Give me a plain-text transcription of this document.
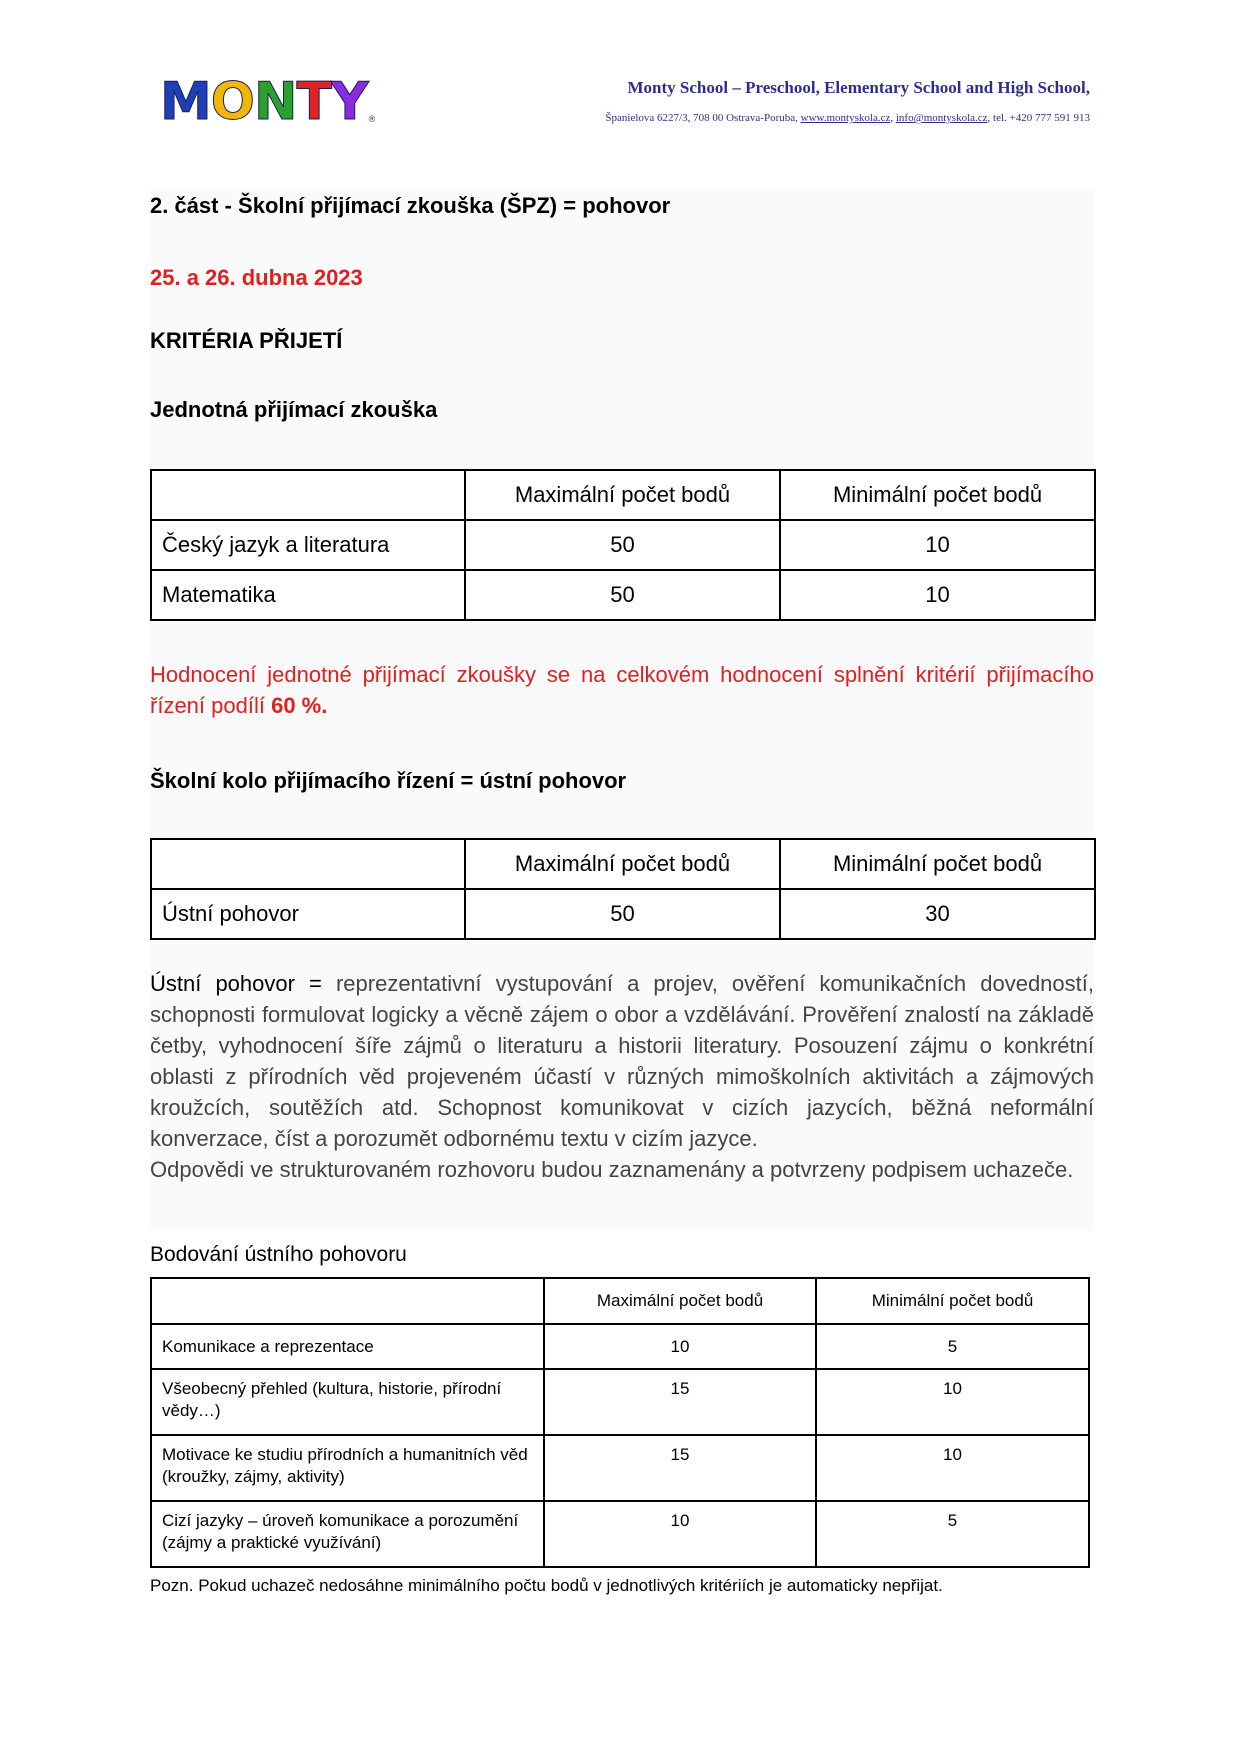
M O N T Y ®
Monty School – Preschool, Elementary School and High School,
Španielova 6227/3, 708 00 Ostrava-Poruba, www.montyskola.cz, info@montyskola.cz, tel. +420 777 591 913
2. část - Školní přijímací zkouška (ŠPZ) = pohovor
25. a 26. dubna 2023
KRITÉRIA PŘIJETÍ
Jednotná přijímací zkouška
	Maximální počet bodů	Minimální počet bodů
Český jazyk a literatura	50	10
Matematika	50	10
Hodnocení jednotné přijímací zkoušky se na celkovém hodnocení splnění kritérií přijímacího řízení podílí 60 %.
Školní kolo přijímacího řízení = ústní pohovor
	Maximální počet bodů	Minimální počet bodů
Ústní pohovor	50	30
Ústní pohovor = reprezentativní vystupování a projev, ověření komunikačních dovedností, schopnosti formulovat logicky a věcně zájem o obor a vzdělávání. Prověření znalostí na základě četby, vyhodnocení šíře zájmů o literaturu a historii literatury. Posouzení zájmu o konkrétní oblasti z přírodních věd projeveném účastí v různých mimoškolních aktivitách a zájmových kroužcích, soutěžích atd. Schopnost komunikovat v cizích jazycích, běžná neformální konverzace, číst a porozumět odbornému textu v cizím jazyce.
Odpovědi ve strukturovaném rozhovoru budou zaznamenány a potvrzeny podpisem uchazeče.
Bodování ústního pohovoru
	Maximální počet bodů	Minimální počet bodů
Komunikace a reprezentace	10	5
Všeobecný přehled (kultura, historie, přírodní vědy…)	15	10
Motivace ke studiu přírodních a humanitních věd (kroužky, zájmy, aktivity)	15	10
Cizí jazyky – úroveň komunikace a porozumění (zájmy a praktické využívání)	10	5
Pozn. Pokud uchazeč nedosáhne minimálního počtu bodů v jednotlivých kritériích je automaticky nepřijat.
